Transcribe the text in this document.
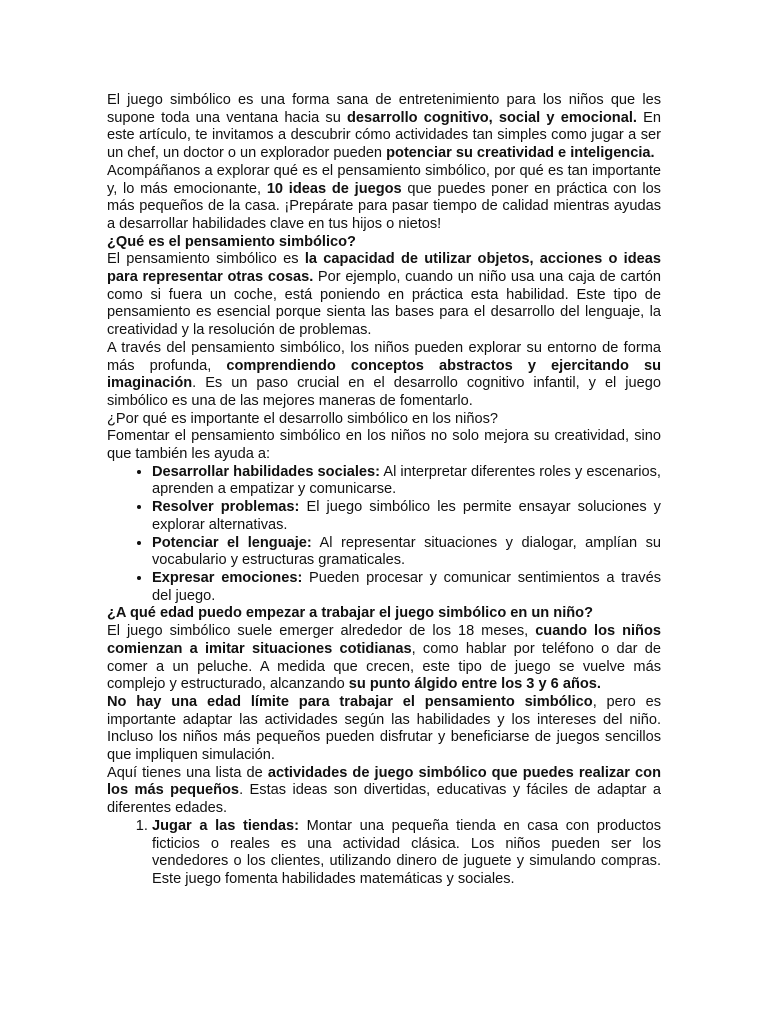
El juego simbólico es una forma sana de entretenimiento para los niños que les supone toda una ventana hacia su desarrollo cognitivo, social y emocional. En este artículo, te invitamos a descubrir cómo actividades tan simples como jugar a ser un chef, un doctor o un explorador pueden potenciar su creatividad e inteligencia.

Acompáñanos a explorar qué es el pensamiento simbólico, por qué es tan importante y, lo más emocionante, 10 ideas de juegos que puedes poner en práctica con los más pequeños de la casa. ¡Prepárate para pasar tiempo de calidad mientras ayudas a desarrollar habilidades clave en tus hijos o nietos!

¿Qué es el pensamiento simbólico?

El pensamiento simbólico es la capacidad de utilizar objetos, acciones o ideas para representar otras cosas. Por ejemplo, cuando un niño usa una caja de cartón como si fuera un coche, está poniendo en práctica esta habilidad. Este tipo de pensamiento es esencial porque sienta las bases para el desarrollo del lenguaje, la creatividad y la resolución de problemas.

A través del pensamiento simbólico, los niños pueden explorar su entorno de forma más profunda, comprendiendo conceptos abstractos y ejercitando su imaginación. Es un paso crucial en el desarrollo cognitivo infantil, y el juego simbólico es una de las mejores maneras de fomentarlo.

¿Por qué es importante el desarrollo simbólico en los niños?

Fomentar el pensamiento simbólico en los niños no solo mejora su creatividad, sino que también les ayuda a:

• Desarrollar habilidades sociales: Al interpretar diferentes roles y escenarios, aprenden a empatizar y comunicarse.
• Resolver problemas: El juego simbólico les permite ensayar soluciones y explorar alternativas.
• Potenciar el lenguaje: Al representar situaciones y dialogar, amplían su vocabulario y estructuras gramaticales.
• Expresar emociones: Pueden procesar y comunicar sentimientos a través del juego.

¿A qué edad puedo empezar a trabajar el juego simbólico en un niño?

El juego simbólico suele emerger alrededor de los 18 meses, cuando los niños comienzan a imitar situaciones cotidianas, como hablar por teléfono o dar de comer a un peluche. A medida que crecen, este tipo de juego se vuelve más complejo y estructurado, alcanzando su punto álgido entre los 3 y 6 años.

No hay una edad límite para trabajar el pensamiento simbólico, pero es importante adaptar las actividades según las habilidades y los intereses del niño. Incluso los niños más pequeños pueden disfrutar y beneficiarse de juegos sencillos que impliquen simulación.

Aquí tienes una lista de actividades de juego simbólico que puedes realizar con los más pequeños. Estas ideas son divertidas, educativas y fáciles de adaptar a diferentes edades.

1. Jugar a las tiendas: Montar una pequeña tienda en casa con productos ficticios o reales es una actividad clásica. Los niños pueden ser los vendedores o los clientes, utilizando dinero de juguete y simulando compras. Este juego fomenta habilidades matemáticas y sociales.
